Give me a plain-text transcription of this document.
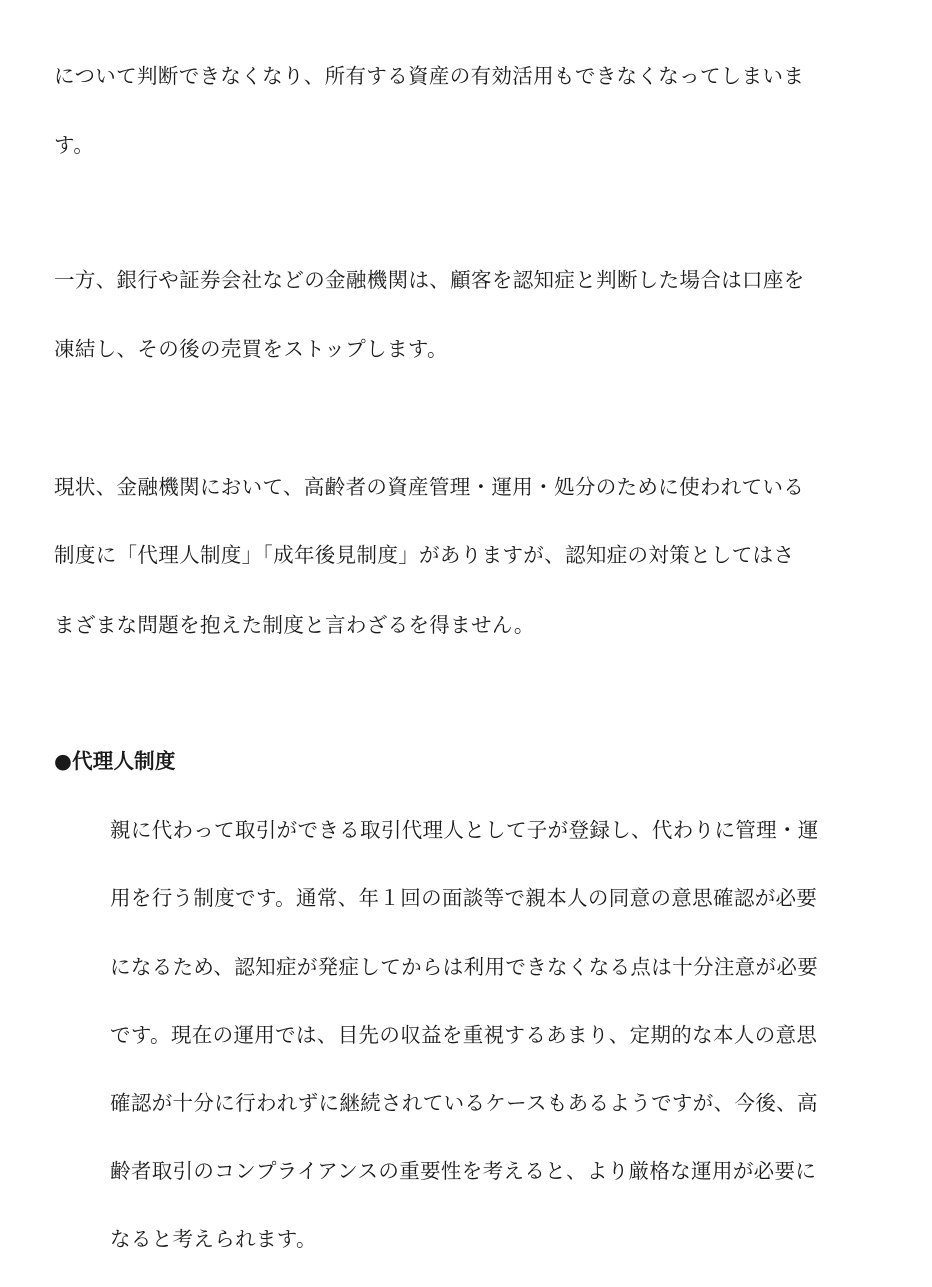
について判断できなくなり、所有する資産の有効活用もできなくなってしまいま
す。
一方、銀行や証券会社などの金融機関は、顧客を認知症と判断した場合は口座を
凍結し、その後の売買をストップします。
現状、金融機関において、高齢者の資産管理・運用・処分のために使われている
制度に「代理人制度」「成年後見制度」がありますが、認知症の対策としてはさ
まざまな問題を抱えた制度と言わざるを得ません。
●代理人制度
親に代わって取引ができる取引代理人として子が登録し、代わりに管理・運
用を行う制度です。通常、年１回の面談等で親本人の同意の意思確認が必要
になるため、認知症が発症してからは利用できなくなる点は十分注意が必要
です。現在の運用では、目先の収益を重視するあまり、定期的な本人の意思
確認が十分に行われずに継続されているケースもあるようですが、今後、高
齢者取引のコンプライアンスの重要性を考えると、より厳格な運用が必要に
なると考えられます。
